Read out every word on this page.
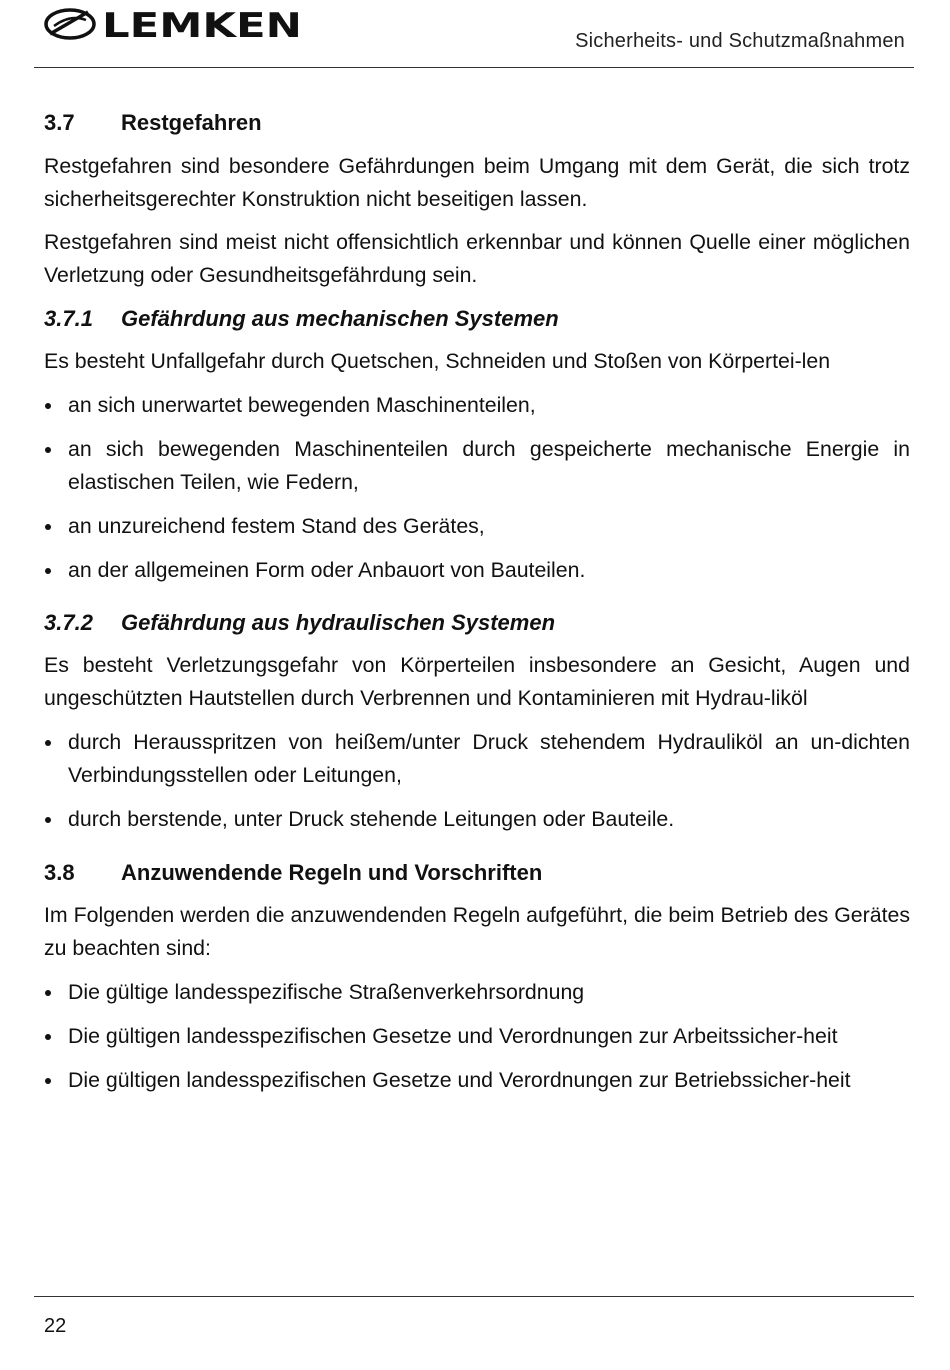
LEMKEN	Sicherheits- und Schutzmaßnahmen
3.7	Restgefahren

Restgefahren sind besondere Gefährdungen beim Umgang mit dem Gerät, die sich trotz sicherheitsgerechter Konstruktion nicht beseitigen lassen.

Restgefahren sind meist nicht offensichtlich erkennbar und können Quelle einer möglichen Verletzung oder Gesundheitsgefährdung sein.

3.7.1	Gefährdung aus mechanischen Systemen

Es besteht Unfallgefahr durch Quetschen, Schneiden und Stoßen von Körpertei-len

an sich unerwartet bewegenden Maschinenteilen,
an sich bewegenden Maschinenteilen durch gespeicherte mechanische Energie in elastischen Teilen, wie Federn,
an unzureichend festem Stand des Gerätes,
an der allgemeinen Form oder Anbauort von Bauteilen.
3.7.2	Gefährdung aus hydraulischen Systemen

Es besteht Verletzungsgefahr von Körperteilen insbesondere an Gesicht, Augen und ungeschützten Hautstellen durch Verbrennen und Kontaminieren mit Hydrau-liköl

durch Herausspritzen von heißem/unter Druck stehendem Hydrauliköl an un-dichten Verbindungsstellen oder Leitungen,
durch berstende, unter Druck stehende Leitungen oder Bauteile.
3.8	Anzuwendende Regeln und Vorschriften

Im Folgenden werden die anzuwendenden Regeln aufgeführt, die beim Betrieb des Gerätes zu beachten sind:

Die gültige landesspezifische Straßenverkehrsordnung
Die gültigen landesspezifischen Gesetze und Verordnungen zur Arbeitssicher-heit
Die gültigen landesspezifischen Gesetze und Verordnungen zur Betriebssicher-heit
22
